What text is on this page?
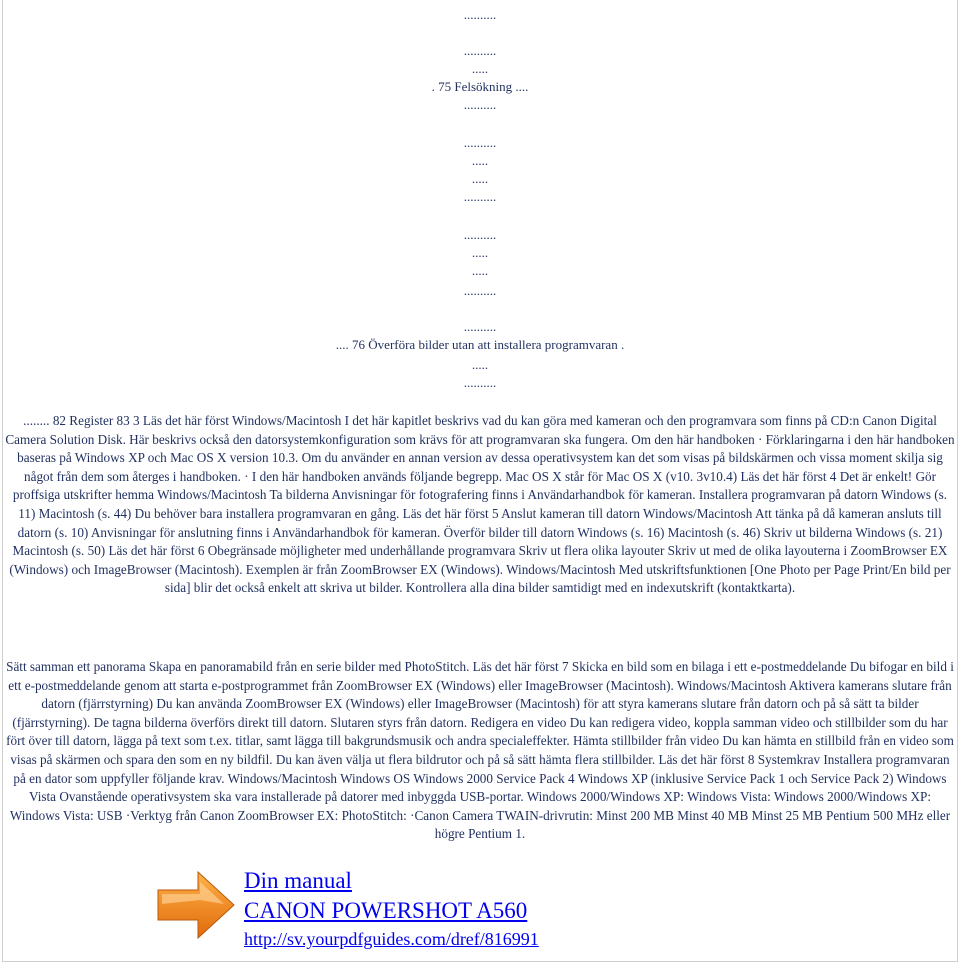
..........
..........
.....
. 75 Felsökning ....
..........
..........
.....
.....
..........
..........
.....
.....
..........
..........
.... 76 Överföra bilder utan att installera programvaran .
.....
..........

........ 82 Register 83 3 Läs det här först Windows/Macintosh I det här kapitlet beskrivs vad du kan göra med kameran och den programvara som finns på CD:n Canon Digital Camera Solution Disk. Här beskrivs också den datorsystemkonfiguration som krävs för att programvaran ska fungera. Om den här handboken · Förklaringarna i den här handboken baseras på Windows XP och Mac OS X version 10.3. Om du använder en annan version av dessa operativsystem kan det som visas på bildskärmen och vissa moment skilja sig något från dem som återges i handboken. · I den här handboken används följande begrepp. Mac OS X står för Mac OS X (v10. 3v10.4) Läs det här först 4 Det är enkelt! Gör proffsiga utskrifter hemma Windows/Macintosh Ta bilderna Anvisningar för fotografering finns i Användarhandbok för kameran. Installera programvaran på datorn Windows (s. 11) Macintosh (s. 44) Du behöver bara installera programvaran en gång. Läs det här först 5 Anslut kameran till datorn Windows/Macintosh Att tänka på då kameran ansluts till datorn (s. 10) Anvisningar för anslutning finns i Användarhandbok för kameran. Överför bilder till datorn Windows (s. 16) Macintosh (s. 46) Skriv ut bilderna Windows (s. 21) Macintosh (s. 50) Läs det här först 6 Obegränsade möjligheter med underhållande programvara Skriv ut flera olika layouter Skriv ut med de olika layouterna i ZoomBrowser EX (Windows) och ImageBrowser (Macintosh). Exemplen är från ZoomBrowser EX (Windows). Windows/Macintosh Med utskriftsfunktionen [One Photo per Page Print/En bild per sida] blir det också enkelt att skriva ut bilder. Kontrollera alla dina bilder samtidigt med en indexutskrift (kontaktkarta).

Sätt samman ett panorama Skapa en panoramabild från en serie bilder med PhotoStitch. Läs det här först 7 Skicka en bild som en bilaga i ett e-postmeddelande Du bifogar en bild i ett e-postmeddelande genom att starta e-postprogrammet från ZoomBrowser EX (Windows) eller ImageBrowser (Macintosh). Windows/Macintosh Aktivera kamerans slutare från datorn (fjärrstyrning) Du kan använda ZoomBrowser EX (Windows) eller ImageBrowser (Macintosh) för att styra kamerans slutare från datorn och på så sätt ta bilder (fjärrstyrning). De tagna bilderna överförs direkt till datorn. Slutaren styrs från datorn. Redigera en video Du kan redigera video, koppla samman video och stillbilder som du har fört över till datorn, lägga på text som t.ex. titlar, samt lägga till bakgrundsmusik och andra specialeffekter. Hämta stillbilder från video Du kan hämta en stillbild från en video som visas på skärmen och spara den som en ny bildfil. Du kan även välja ut flera bildrutor och på så sätt hämta flera stillbilder. Läs det här först 8 Systemkrav Installera programvaran på en dator som uppfyller följande krav. Windows/Macintosh Windows OS Windows 2000 Service Pack 4 Windows XP (inklusive Service Pack 1 och Service Pack 2) Windows Vista Ovanstående operativsystem ska vara installerade på datorer med inbyggda USB-portar. Windows 2000/Windows XP: Windows Vista: Windows 2000/Windows XP: Windows Vista: USB ·Verktyg från Canon ZoomBrowser EX: PhotoStitch: ·Canon Camera TWAIN-drivrutin: Minst 200 MB Minst 40 MB Minst 25 MB Pentium 500 MHz eller högre Pentium 1.

Din manual
CANON POWERSHOT A560
http://sv.yourpdfguides.com/dref/816991
